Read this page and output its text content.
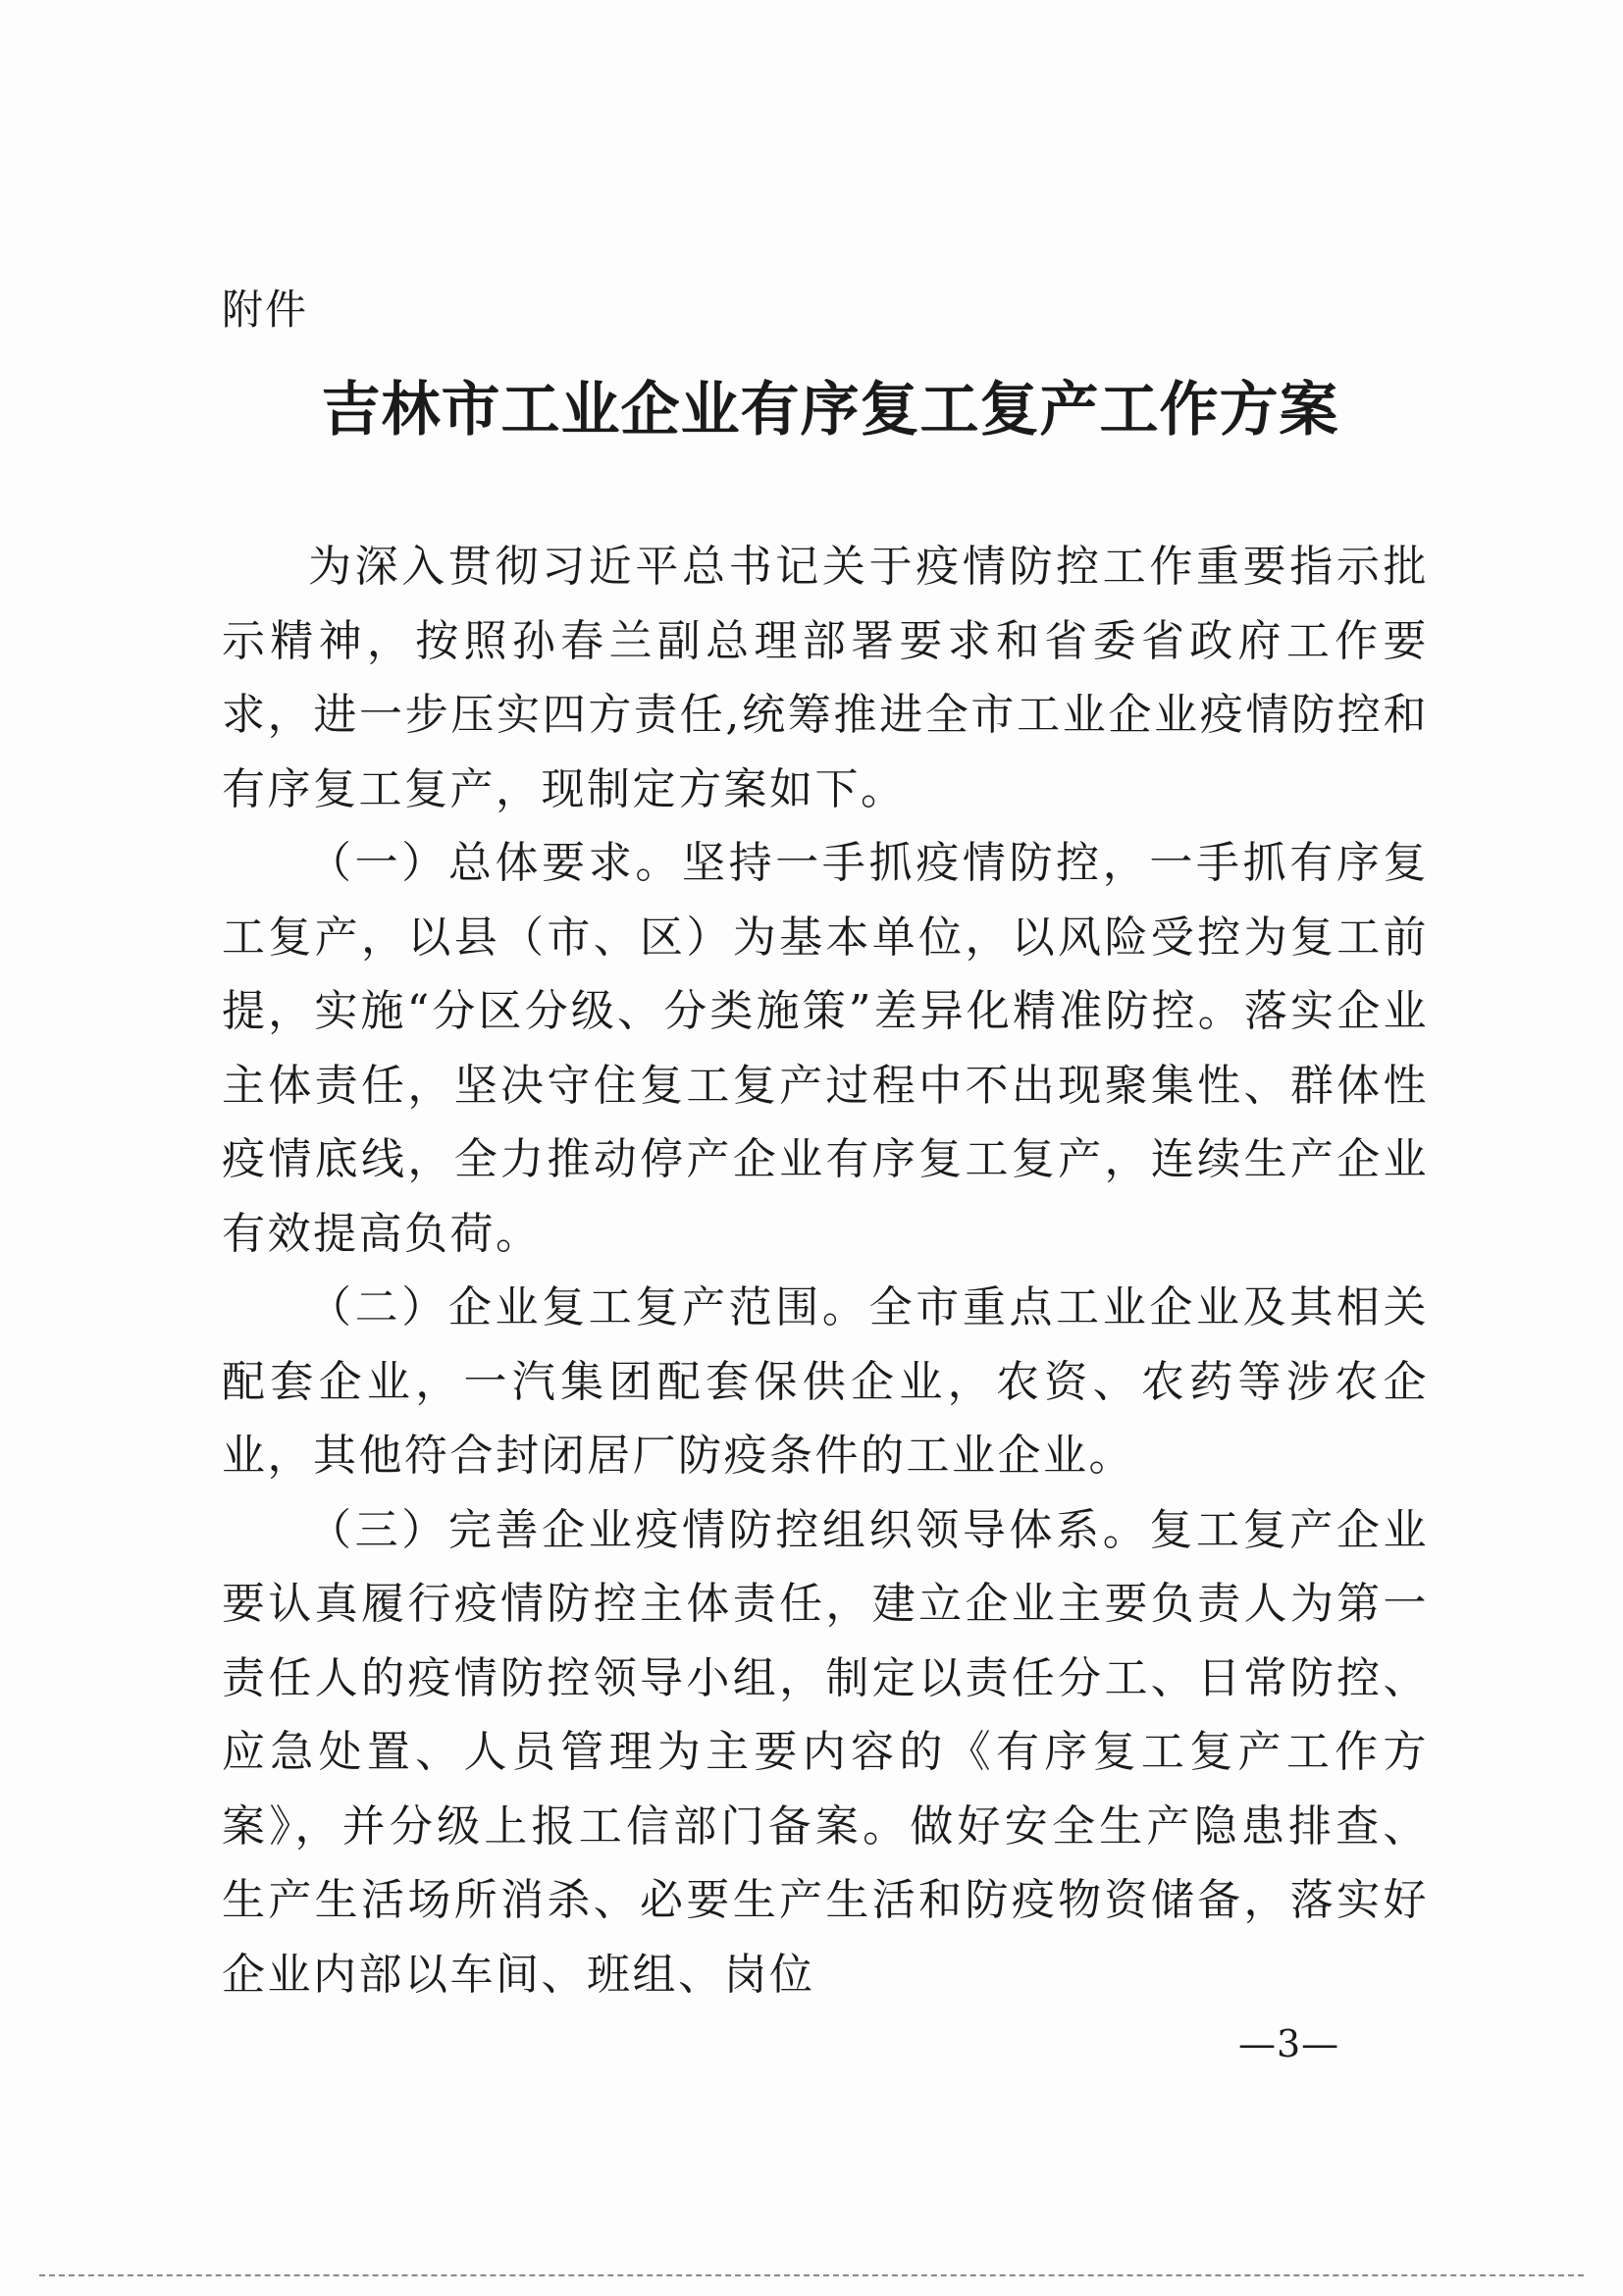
附件
吉林市工业企业有序复工复产工作方案

为深入贯彻习近平总书记关于疫情防控工作重要指示批示精神，按照孙春兰副总理部署要求和省委省政府工作要求，进一步压实四方责任,统筹推进全市工业企业疫情防控和有序复工复产，现制定方案如下。

（一）总体要求。坚持一手抓疫情防控，一手抓有序复工复产，以县（市、区）为基本单位，以风险受控为复工前提，实施“分区分级、分类施策”差异化精准防控。落实企业主体责任，坚决守住复工复产过程中不出现聚集性、群体性疫情底线，全力推动停产企业有序复工复产，连续生产企业有效提高负荷。

（二）企业复工复产范围。全市重点工业企业及其相关配套企业，一汽集团配套保供企业，农资、农药等涉农企业，其他符合封闭居厂防疫条件的工业企业。

（三）完善企业疫情防控组织领导体系。复工复产企业要认真履行疫情防控主体责任，建立企业主要负责人为第一责任人的疫情防控领导小组，制定以责任分工、日常防控、应急处置、人员管理为主要内容的《有序复工复产工作方案》，并分级上报工信部门备案。做好安全生产隐患排查、生产生活场所消杀、必要生产生活和防疫物资储备，落实好企业内部以车间、班组、岗位

—3—
